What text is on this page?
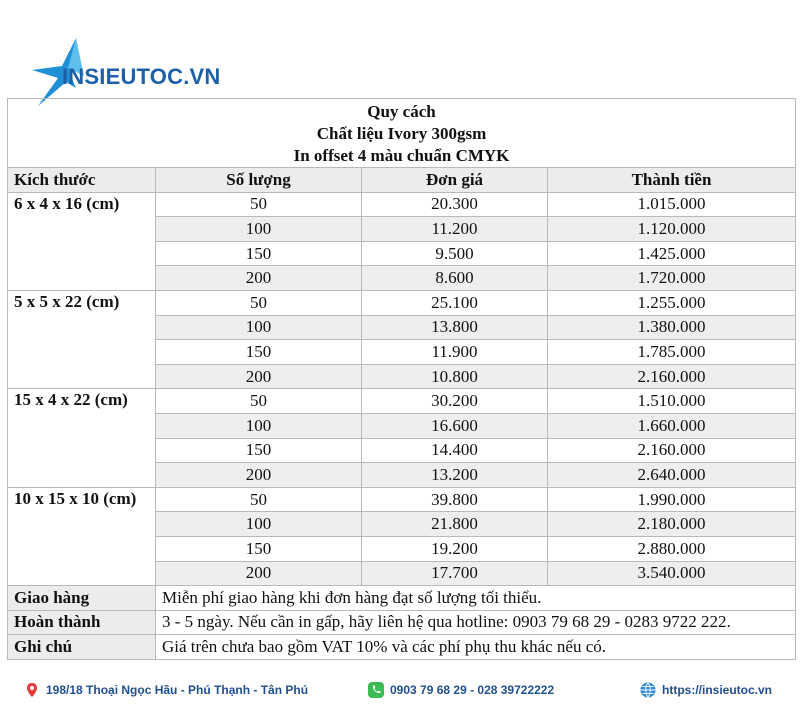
INSIEUTOC.VN
Quy cách
Chất liệu Ivory 300gsm
In offset 4 màu chuẩn CMYK			

Kích thước	Số lượng	Đơn giá	Thành tiền
6 x 4 x 16 (cm)	50	20.300	1.015.000
	100	11.200	1.120.000
	150	9.500	1.425.000
	200	8.600	1.720.000
5 x 5 x 22 (cm)	50	25.100	1.255.000
	100	13.800	1.380.000
	150	11.900	1.785.000
	200	10.800	2.160.000
15 x 4 x 22 (cm)	50	30.200	1.510.000
	100	16.600	1.660.000
	150	14.400	2.160.000
	200	13.200	2.640.000
10 x 15 x 10 (cm)	50	39.800	1.990.000
	100	21.800	2.180.000
	150	19.200	2.880.000
	200	17.700	3.540.000
Giao hàng	Miễn phí giao hàng khi đơn hàng đạt số lượng tối thiểu.		
Hoàn thành	3 - 5 ngày. Nếu cần in gấp, hãy liên hệ qua hotline: 0903 79 68 29 - 0283 9722 222.		
Ghi chú	Giá trên chưa bao gồm VAT 10% và các phí phụ thu khác nếu có.		
198/18 Thoại Ngọc Hầu - Phú Thạnh - Tân Phú	0903 79 68 29 - 028 39722222	https://insieutoc.vn
